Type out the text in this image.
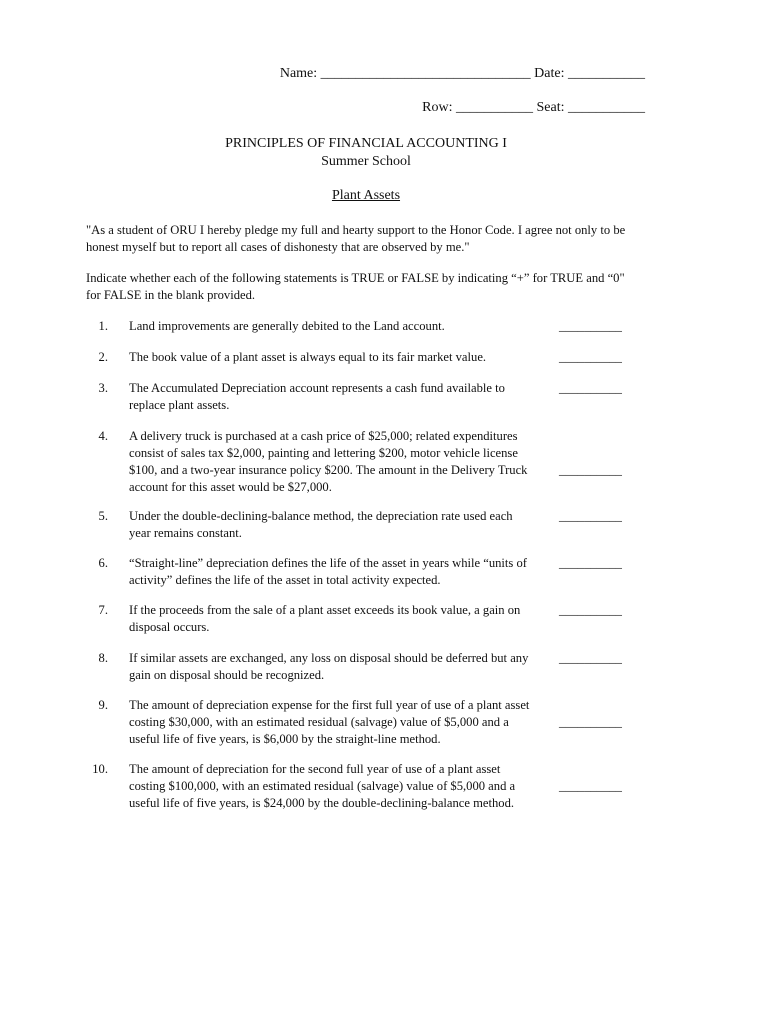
Name: ______________________________ Date: ___________
Row: ___________ Seat: ___________
PRINCIPLES OF FINANCIAL ACCOUNTING I
Summer School
Plant Assets
"As a student of ORU I hereby pledge my full and hearty support to the Honor Code. I agree not only to be honest myself but to report all cases of dishonesty that are observed by me."
Indicate whether each of the following statements is TRUE or FALSE by indicating “+” for TRUE and “0" for FALSE in the blank provided.
1. Land improvements are generally debited to the Land account.	__________
2. The book value of a plant asset is always equal to its fair market value.	__________
3. The Accumulated Depreciation account represents a cash fund available to replace plant assets.
__________
4. A delivery truck is purchased at a cash price of $25,000; related expenditures consist of sales tax $2,000, painting and lettering $200, motor vehicle license $100, and a two-year insurance policy $200. The amount in the Delivery Truck account for this asset would be $27,000.
__________
5. Under the double-declining-balance method, the depreciation rate used each year remains constant.
__________
6. “Straight-line” depreciation defines the life of the asset in years while “units of activity” defines the life of the asset in total activity expected.
__________
7. If the proceeds from the sale of a plant asset exceeds its book value, a gain on disposal occurs.
__________
8. If similar assets are exchanged, any loss on disposal should be deferred but any gain on disposal should be recognized.
__________
9. The amount of depreciation expense for the first full year of use of a plant asset costing $30,000, with an estimated residual (salvage) value of $5,000 and a useful life of five years, is $6,000 by the straight-line method.
__________
10. The amount of depreciation for the second full year of use of a plant asset costing $100,000, with an estimated residual (salvage) value of $5,000 and a useful life of five years, is $24,000 by the double-declining-balance method.
__________
